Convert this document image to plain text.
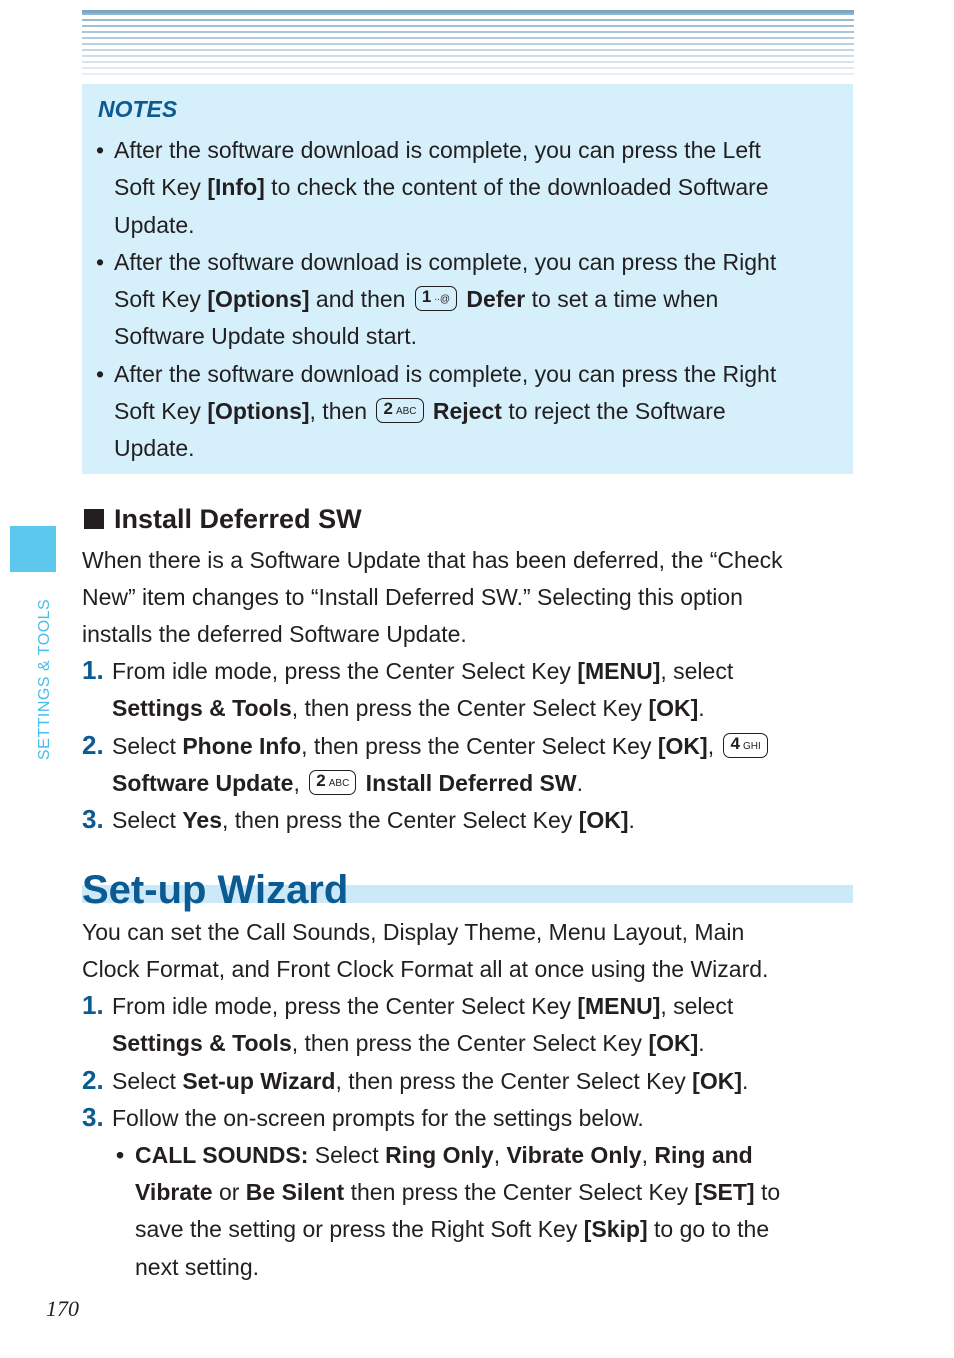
NOTES
• After the software download is complete, you can press the Left
Soft Key [Info] to check the content of the downloaded Software
Update.
• After the software download is complete, you can press the Right
Soft Key [Options] and then 1 ∙∙@ Defer to set a time when
Software Update should start.
• After the software download is complete, you can press the Right
Soft Key [Options], then 2 ABC Reject to reject the Software
Update.
SETTINGS & TOOLS
Install Deferred SW
When there is a Software Update that has been deferred, the “Check
New” item changes to “Install Deferred SW.” Selecting this option
installs the deferred Software Update.
1. From idle mode, press the Center Select Key [MENU], select
Settings & Tools, then press the Center Select Key [OK].
2. Select Phone Info, then press the Center Select Key [OK], 4 GHI
Software Update, 2 ABC Install Deferred SW.
3. Select Yes, then press the Center Select Key [OK].
Set-up Wizard
You can set the Call Sounds, Display Theme, Menu Layout, Main
Clock Format, and Front Clock Format all at once using the Wizard.
1. From idle mode, press the Center Select Key [MENU], select
Settings & Tools, then press the Center Select Key [OK].
2. Select Set-up Wizard, then press the Center Select Key [OK].
3. Follow the on-screen prompts for the settings below.
• CALL SOUNDS: Select Ring Only, Vibrate Only, Ring and
Vibrate or Be Silent then press the Center Select Key [SET] to
save the setting or press the Right Soft Key [Skip] to go to the
next setting.
170
